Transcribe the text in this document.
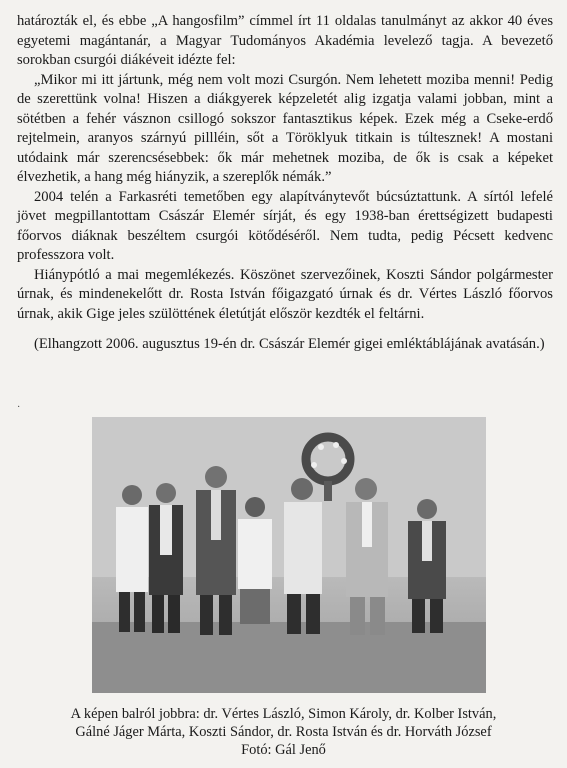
határozták el, és ebbe „A hangosfilm” címmel írt 11 oldalas tanulmányt az akkor 40 éves egyetemi magántanár, a Magyar Tudományos Akadémia levelező tagja. A bevezető sorokban csurgói diákéveit idézte fel:

„Mikor mi itt jártunk, még nem volt mozi Csurgón. Nem lehetett moziba menni! Pedig de szerettünk volna! Hiszen a diákgyerek képzeletét alig izgatja valami jobban, mint a sötétben a fehér vásznon csillogó sokszor fantasztikus képek. Ezek még a Cseke-erdő rejtelmein, aranyos szárnyú pillléin, sőt a Töröklyuk titkain is túltesznek! A mostani utódaink már szerencsésebbek: ők már mehetnek moziba, de ők is csak a képeket élvezhetik, a hang még hiányzik, a szereplők némák.”

2004 telén a Farkasréti temetőben egy alapítványtevőt búcsúztattunk. A sírtól lefelé jövet megpillantottam Császár Elemér sírját, és egy 1938-ban érettségizett budapesti főorvos diáknak beszéltem csurgói kötődéséről. Nem tudta, pedig Pécsett kedvenc professzora volt.

Hiánypótló a mai megemlékezés. Köszönet szervezőinek, Koszti Sándor polgármester úrnak, és mindenekelőtt dr. Rosta István főigazgató úrnak és dr. Vértes László főorvos úrnak, akik Gige jeles szülöttének életútját először kezdték el feltárni.

(Elhangzott 2006. augusztus 19-én dr. Császár Elemér gigei emléktáblájának avatásán.)

·
A képen balról jobbra: dr. Vértes László, Simon Károly, dr. Kolber István,
Gálné Jáger Márta, Koszti Sándor, dr. Rosta István és dr. Horváth József
Fotó: Gál Jenő
